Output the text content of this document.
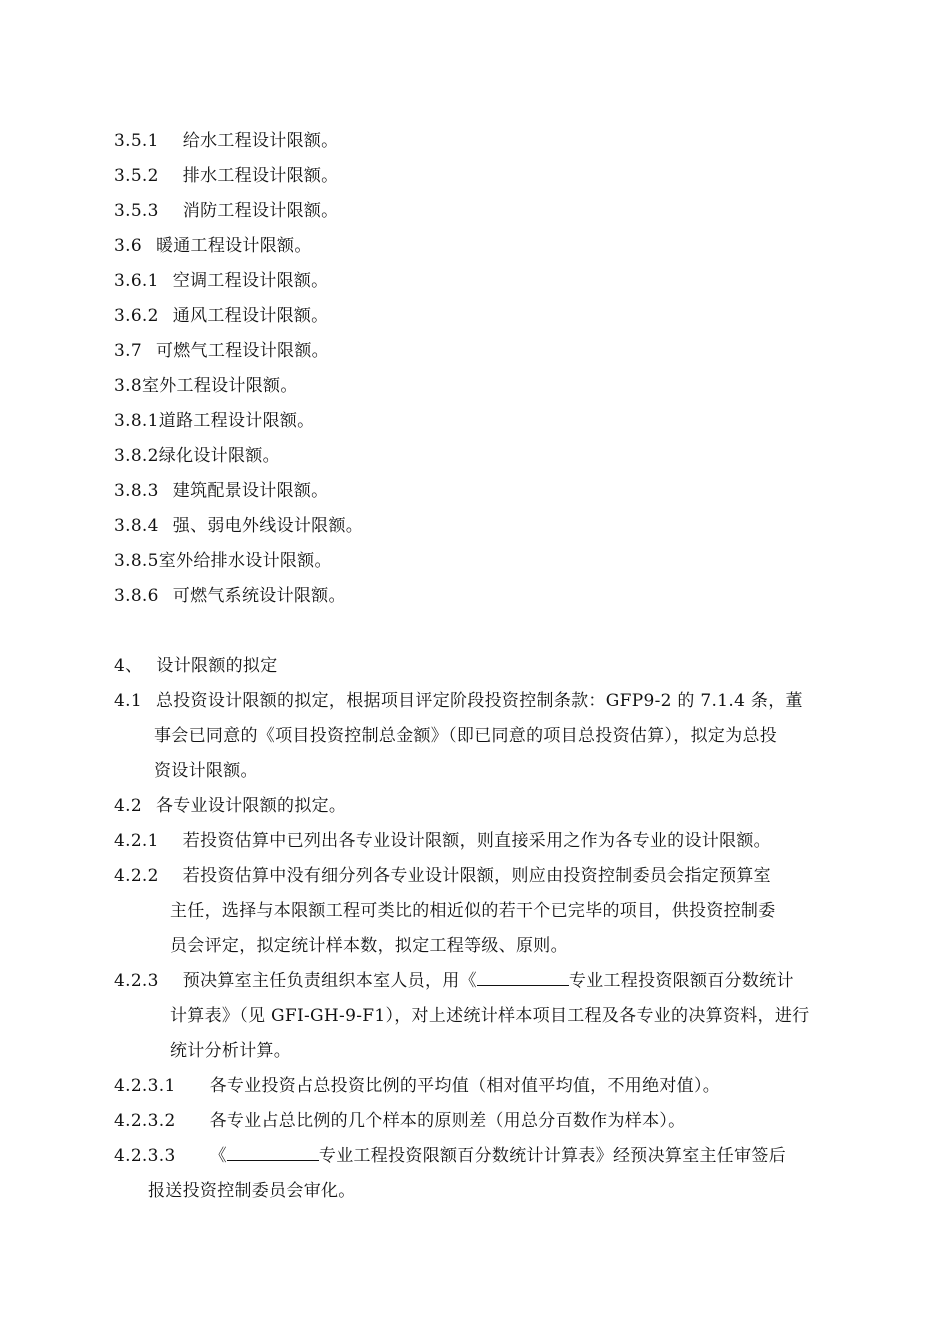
3.5.1 给水工程设计限额。

3.5.2 排水工程设计限额。

3.5.3 消防工程设计限额。

3.6 暖通工程设计限额。

3.6.1 空调工程设计限额。

3.6.2 通风工程设计限额。

3.7 可燃气工程设计限额。

3.8室外工程设计限额。

3.8.1道路工程设计限额。

3.8.2绿化设计限额。

3.8.3 建筑配景设计限额。

3.8.4 强、弱电外线设计限额。

3.8.5室外给排水设计限额。

3.8.6 可燃气系统设计限额。

4、 设计限额的拟定

4.1 总投资设计限额的拟定，根据项目评定阶段投资控制条款：GFP9-2 的 7.1.4 条，董
事会已同意的《项目投资控制总金额》（即已同意的项目总投资估算），拟定为总投
资设计限额。

4.2 各专业设计限额的拟定。

4.2.1 若投资估算中已列出各专业设计限额，则直接采用之作为各专业的设计限额。

4.2.2 若投资估算中没有细分列各专业设计限额，则应由投资控制委员会指定预算室
主任，选择与本限额工程可类比的相近似的若干个已完毕的项目，供投资控制委
员会评定，拟定统计样本数，拟定工程等级、原则。
4.2.3 预决算室主任负责组织本室人员，用《	专业工程投资限额百分数统计
计算表》（见 GFI-GH-9-F1），对上述统计样本项目工程及各专业的决算资料，进行
统计分析计算。

4.2.3.1 各专业投资占总投资比例的平均值（相对值平均值，不用绝对值）。

4.2.3.2 各专业占总比例的几个样本的原则差（用总分百数作为样本）。

4.2.3.3 《	专业工程投资限额百分数统计计算表》经预决算室主任审签后
报送投资控制委员会审化。
